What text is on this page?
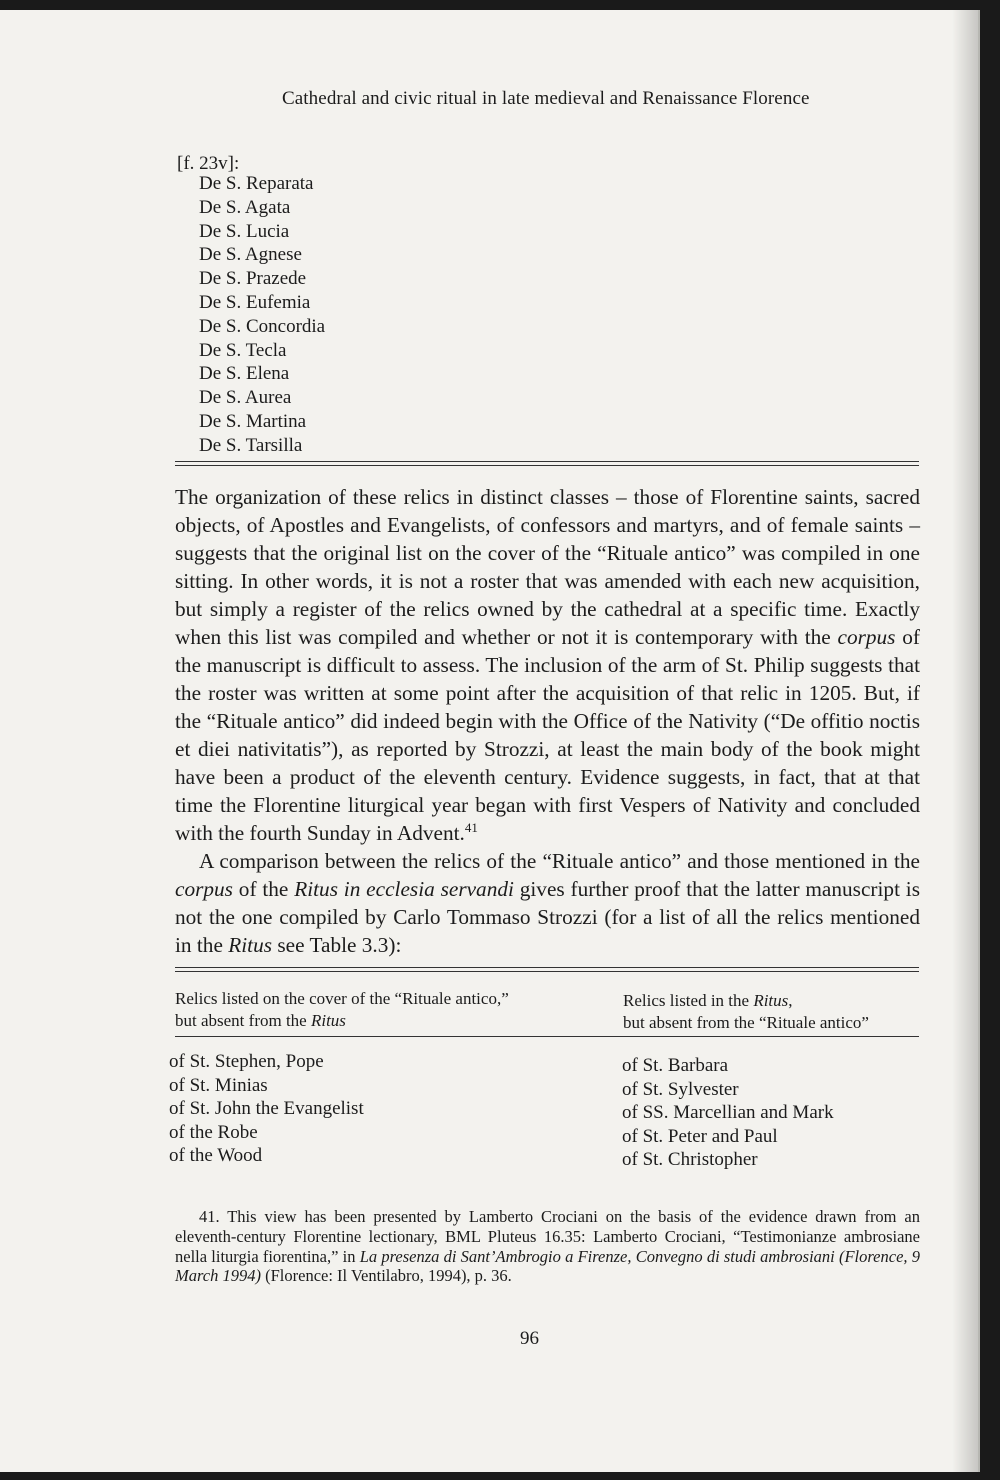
Cathedral and civic ritual in late medieval and Renaissance Florence
[f. 23v]:
De S. Reparata
De S. Agata
De S. Lucia
De S. Agnese
De S. Prazede
De S. Eufemia
De S. Concordia
De S. Tecla
De S. Elena
De S. Aurea
De S. Martina
De S. Tarsilla

The organization of these relics in distinct classes – those of Florentine saints, sacred objects, of Apostles and Evangelists, of confessors and martyrs, and of female saints – suggests that the original list on the cover of the “Rituale antico” was compiled in one sitting. In other words, it is not a roster that was amended with each new acquisition, but simply a register of the relics owned by the cathedral at a specific time. Exactly when this list was compiled and whether or not it is contemporary with the corpus of the manuscript is difficult to assess. The inclusion of the arm of St. Philip suggests that the roster was written at some point after the acquisition of that relic in 1205. But, if the “Rituale antico” did indeed begin with the Office of the Nativity (“De offitio noctis et diei nativitatis”), as reported by Strozzi, at least the main body of the book might have been a product of the eleventh century. Evidence suggests, in fact, that at that time the Florentine liturgical year began with first Vespers of Nativity and concluded with the fourth Sunday in Advent.$^{41}$

A comparison between the relics of the “Rituale antico” and those mentioned in the corpus of the Ritus in ecclesia servandi gives further proof that the latter manuscript is not the one compiled by Carlo Tommaso Strozzi (for a list of all the relics mentioned in the Ritus see Table 3.3):

Relics listed on the cover of the “Rituale antico,”
but absent from the Ritus
Relics listed in the Ritus,
but absent from the “Rituale antico”
of St. Stephen, Pope
of St. Minias
of St. John the Evangelist
of the Robe
of the Wood
of St. Barbara
of St. Sylvester
of SS. Marcellian and Mark
of St. Peter and Paul
of St. Christopher

41. This view has been presented by Lamberto Crociani on the basis of the evidence drawn from an eleventh-century Florentine lectionary, BML Pluteus 16.35: Lamberto Crociani, “Testimonianze ambrosiane nella liturgia fiorentina,” in La presenza di Sant’Ambrogio a Firenze, Convegno di studi ambrosiani (Florence, 9 March 1994) (Florence: Il Ventilabro, 1994), p. 36.

96
